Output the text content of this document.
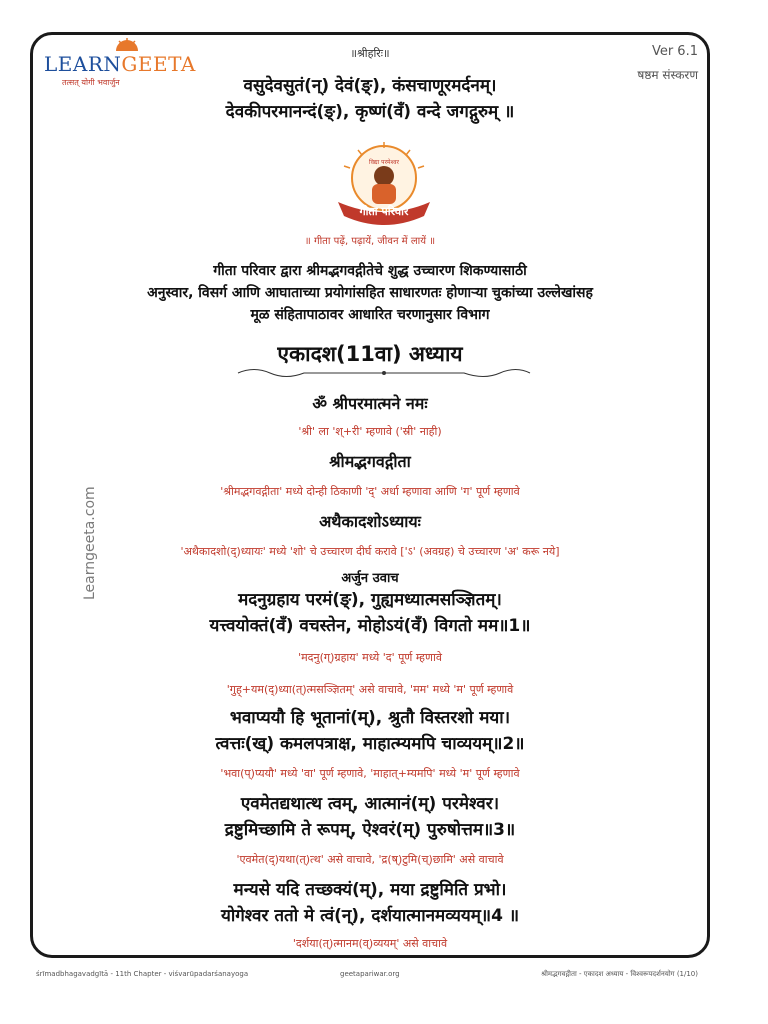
LEARNGEETA
तत्सत् योगी भवार्जुन
॥श्रीहरिः॥	Ver 6.1
षष्ठम संस्करण
वसुदेवसुतं(न्) देवं(ङ्), कंसचाणूरमर्दनम्।
देवकीपरमानन्दं(ङ्), कृष्णं(वँ) वन्दे जगद्गुरुम् ॥
गीता परिवार
विद्या परमेश्वर
॥ गीता पढ़ें, पढ़ायें, जीवन में लायें ॥
गीता परिवार द्वारा श्रीमद्भगवद्गीतेचे शुद्ध उच्चारण शिकण्यासाठी
अनुस्वार, विसर्ग आणि आघाताच्या प्रयोगांसहित साधारणतः होणाऱ्या चुकांच्या उल्लेखांसह
मूळ संहितापाठावर आधारित चरणानुसार विभाग
एकादश(11वा) अध्याय
ॐ श्रीपरमात्मने नमः
'श्री' ला 'श्+री' म्हणावे ('स्री' नाही)
श्रीमद्भगवद्गीता
'श्रीमद्भगवद्गीता' मध्ये दोन्ही ठिकाणी 'द्' अर्धा म्हणावा आणि 'ग' पूर्ण म्हणावे
अथैकादशोऽध्यायः
'अथैकादशो(द्)ध्यायः' मध्ये 'शो' चे उच्चारण दीर्घ करावे ['ऽ' (अवग्रह) चे उच्चारण 'अ' करू नये]
अर्जुन उवाच
मदनुग्रहाय परमं(ङ्), गुह्यमध्यात्मसञ्ज्ञितम्।
यत्त्वयोक्तं(वँ) वचस्तेन, मोहोऽयं(वँ) विगतो मम॥1॥
'मदनु(ग्)ग्रहाय' मध्ये 'द' पूर्ण म्हणावे
'गुह्+यम(द्)ध्या(त्)त्मसञ्ज्ञितम्' असे वाचावे, 'मम' मध्ये 'म' पूर्ण म्हणावे
भवाप्ययौ हि भूतानां(म्), श्रुतौ विस्तरशो मया।
त्वत्तः(ख्) कमलपत्राक्ष, माहात्म्यमपि चाव्ययम्॥2॥
'भवा(प्)प्ययौ' मध्ये 'वा' पूर्ण म्हणावे, 'माहात्+म्यमपि' मध्ये 'म' पूर्ण म्हणावे
एवमेतद्यथात्थ त्वम्, आत्मानं(म्) परमेश्वर।
द्रष्टुमिच्छामि ते रूपम्, ऐश्वरं(म्) पुरुषोत्तम॥3॥
'एवमेत(द्)यथा(त्)त्थ' असे वाचावे, 'द्र(ष्)टुमि(च्)छामि' असे वाचावे
मन्यसे यदि तच्छक्यं(म्), मया द्रष्टुमिति प्रभो।
योगेश्वर ततो मे त्वं(न्), दर्शयात्मानमव्ययम्॥4 ॥
'दर्शया(त्)त्मानम(व्)व्ययम्' असे वाचावे
Learngeeta.com
śrīmadbhagavadgītā - 11th Chapter - viśvarūpadarśanayoga	geetapariwar.org	श्रीमद्भगवद्गीता - एकादश अध्याय - विश्वरूपदर्शनयोग (1/10)
